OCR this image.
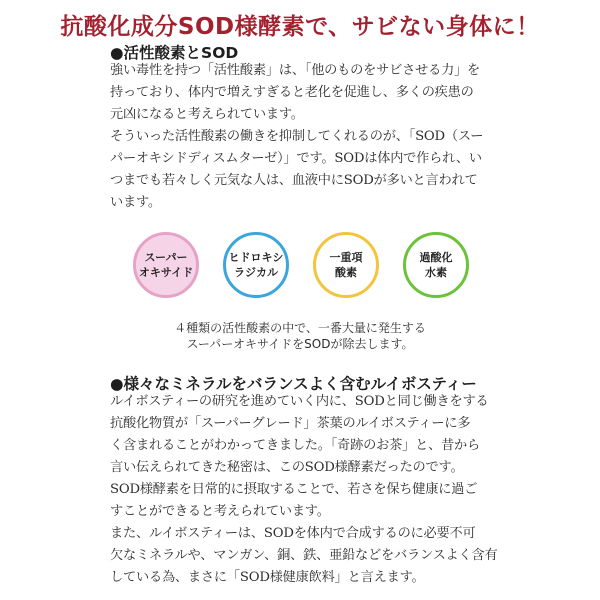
抗酸化成分SOD様酵素で、サビない身体に！
●活性酸素とSOD
強い毒性を持つ「活性酸素」は、「他のものをサビさせる力」を
持っており、体内で増えすぎると老化を促進し、多くの疾患の
元凶になると考えられています。
そういった活性酸素の働きを抑制してくれるのが、「SOD（スー
パーオキシドディスムターゼ）」です。SODは体内で作られ、い
つまでも若々しく元気な人は、血液中にSODが多いと言われて
います。
スーパー
オキサイド
ヒドロキシ
ラジカル
一重項
酸素
過酸化
水素
４種類の活性酸素の中で、一番大量に発生する
スーパーオキサイドをSODが除去します。
●様々なミネラルをバランスよく含むルイボスティー
ルイボスティーの研究を進めていく内に、SODと同じ働きをする
抗酸化物質が「スーパーグレード」茶葉のルイボスティーに多
く含まれることがわかってきました。「奇跡のお茶」と、昔から
言い伝えられてきた秘密は、このSOD様酵素だったのです。
SOD様酵素を日常的に摂取することで、若さを保ち健康に過ご
すことができると考えられています。
また、ルイボスティーは、SODを体内で合成するのに必要不可
欠なミネラルや、マンガン、銅、鉄、亜鉛などをバランスよく含有
している為、まさに「SOD様健康飲料」と言えます。
